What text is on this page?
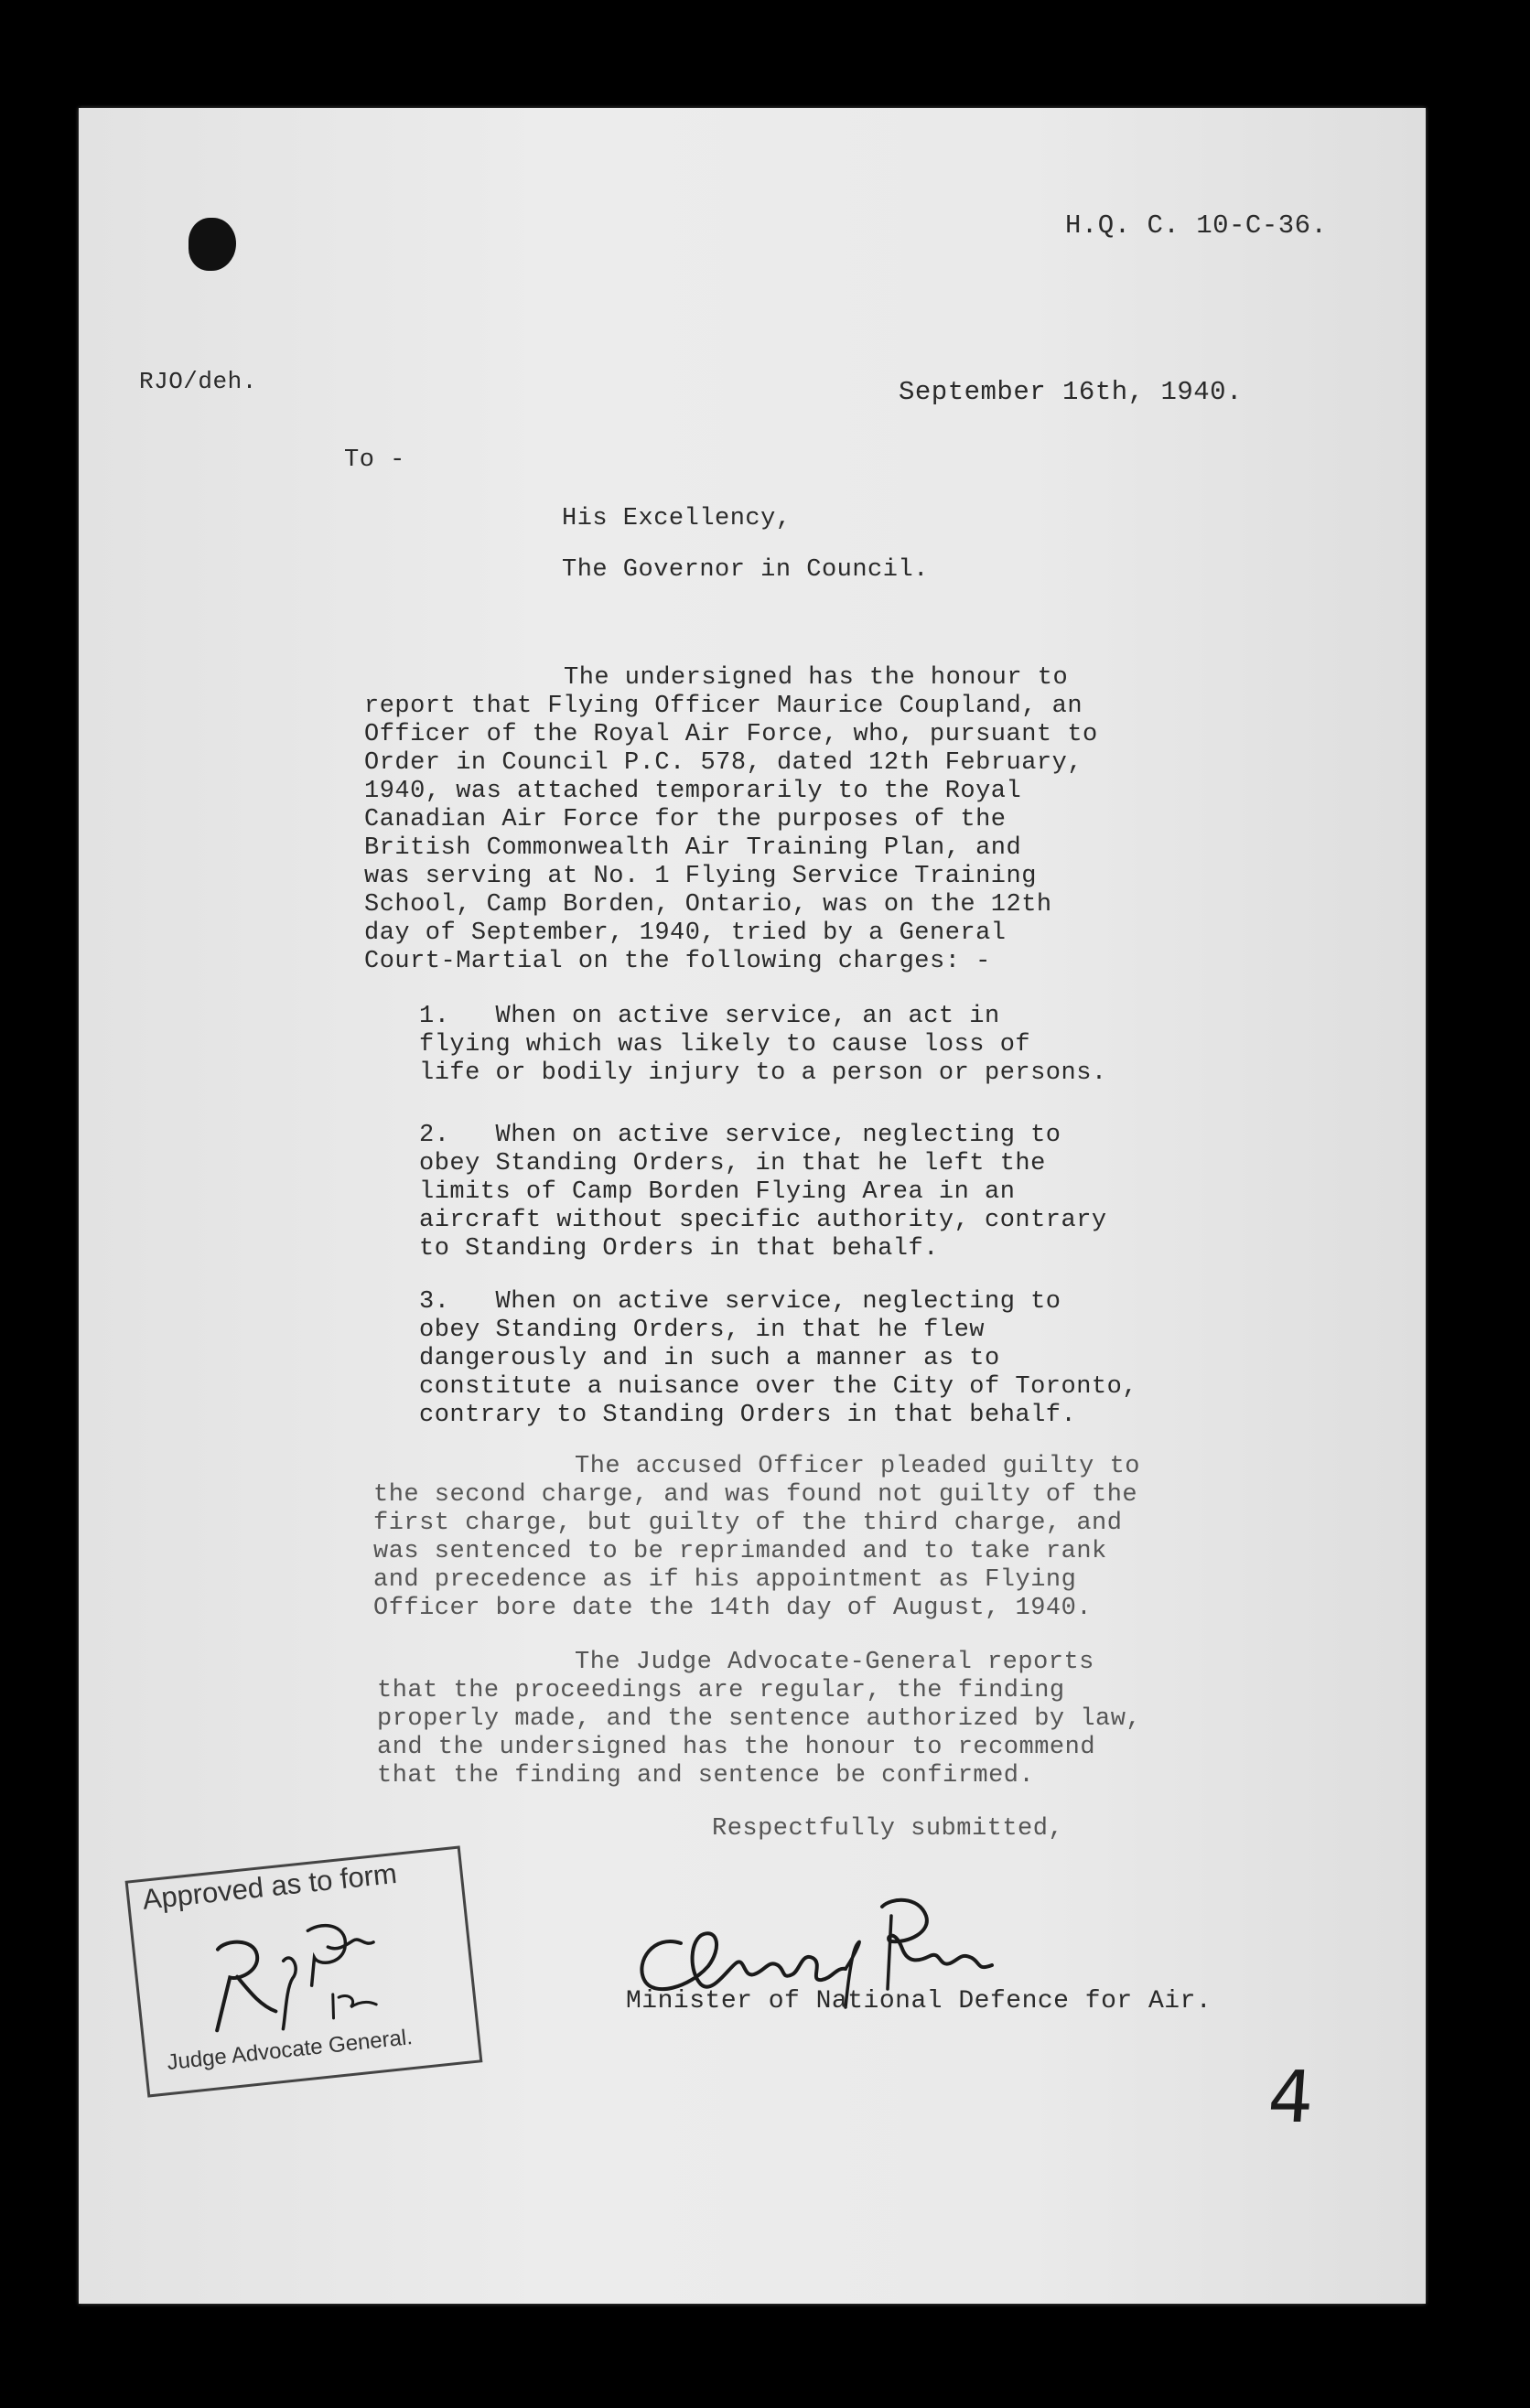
H.Q. C. 10-C-36.
RJO/deh.	September 16th, 1940.
To -
His Excellency,
The Governor in Council.
The undersigned has the honour to
report that Flying Officer Maurice Coupland, an
Officer of the Royal Air Force, who, pursuant to
Order in Council P.C. 578, dated 12th February,
1940, was attached temporarily to the Royal
Canadian Air Force for the purposes of the
British Commonwealth Air Training Plan, and
was serving at No. 1 Flying Service Training
School, Camp Borden, Ontario, was on the 12th
day of September, 1940, tried by a General
Court-Martial on the following charges: -
1. When on active service, an act in
flying which was likely to cause loss of
life or bodily injury to a person or persons.
2. When on active service, neglecting to
obey Standing Orders, in that he left the
limits of Camp Borden Flying Area in an
aircraft without specific authority, contrary
to Standing Orders in that behalf.
3. When on active service, neglecting to
obey Standing Orders, in that he flew
dangerously and in such a manner as to
constitute a nuisance over the City of Toronto,
contrary to Standing Orders in that behalf.
The accused Officer pleaded guilty to
the second charge, and was found not guilty of the
first charge, but guilty of the third charge, and
was sentenced to be reprimanded and to take rank
and precedence as if his appointment as Flying
Officer bore date the 14th day of August, 1940.
The Judge Advocate-General reports
that the proceedings are regular, the finding
properly made, and the sentence authorized by law,
and the undersigned has the honour to recommend
that the finding and sentence be confirmed.
Respectfully submitted,
Minister of National Defence for Air.
Approved as to form
Judge Advocate General.
4
